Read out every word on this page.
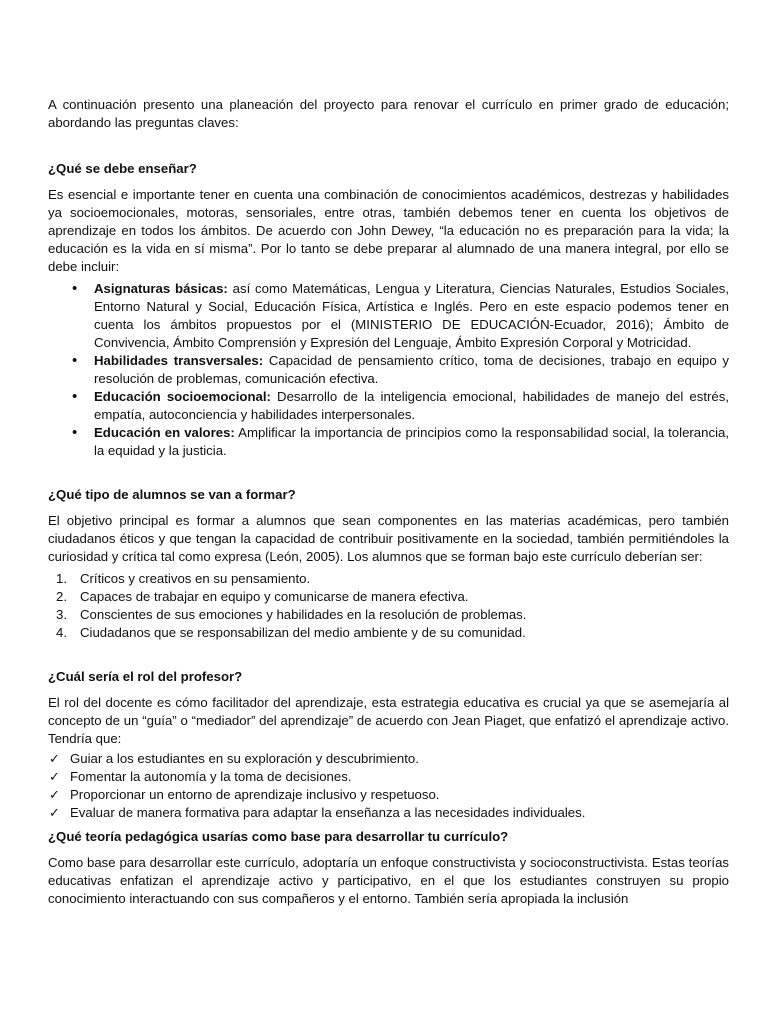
A continuación presento una planeación del proyecto para renovar el currículo en primer grado de educación; abordando las preguntas claves:

¿Qué se debe enseñar?

Es esencial e importante tener en cuenta una combinación de conocimientos académicos, destrezas y habilidades ya socioemocionales, motoras, sensoriales, entre otras, también debemos tener en cuenta los objetivos de aprendizaje en todos los ámbitos. De acuerdo con John Dewey, “la educación no es preparación para la vida; la educación es la vida en sí misma”. Por lo tanto se debe preparar al alumnado de una manera integral, por ello se debe incluir:

• Asignaturas básicas: así como Matemáticas, Lengua y Literatura, Ciencias Naturales, Estudios Sociales, Entorno Natural y Social, Educación Física, Artística e Inglés. Pero en este espacio podemos tener en cuenta los ámbitos propuestos por el (MINISTERIO DE EDUCACIÓN-Ecuador, 2016); Ámbito de Convivencia, Ámbito Comprensión y Expresión del Lenguaje, Ámbito Expresión Corporal y Motricidad.
• Habilidades transversales: Capacidad de pensamiento crítico, toma de decisiones, trabajo en equipo y resolución de problemas, comunicación efectiva.
• Educación socioemocional: Desarrollo de la inteligencia emocional, habilidades de manejo del estrés, empatía, autoconciencia y habilidades interpersonales.
• Educación en valores: Amplificar la importancia de principios como la responsabilidad social, la tolerancia, la equidad y la justicia.

¿Qué tipo de alumnos se van a formar?

El objetivo principal es formar a alumnos que sean componentes en las materias académicas, pero también ciudadanos éticos y que tengan la capacidad de contribuir positivamente en la sociedad, también permitiéndoles la curiosidad y crítica tal como expresa (León, 2005). Los alumnos que se forman bajo este currículo deberían ser:

1. Críticos y creativos en su pensamiento.
2. Capaces de trabajar en equipo y comunicarse de manera efectiva.
3. Conscientes de sus emociones y habilidades en la resolución de problemas.
4. Ciudadanos que se responsabilizan del medio ambiente y de su comunidad.

¿Cuál sería el rol del profesor?

El rol del docente es cómo facilitador del aprendizaje, esta estrategia educativa es crucial ya que se asemejaría al concepto de un “guía” o “mediador” del aprendizaje” de acuerdo con Jean Piaget, que enfatizó el aprendizaje activo. Tendría que:

✓ Guiar a los estudiantes en su exploración y descubrimiento.
✓ Fomentar la autonomía y la toma de decisiones.
✓ Proporcionar un entorno de aprendizaje inclusivo y respetuoso.
✓ Evaluar de manera formativa para adaptar la enseñanza a las necesidades individuales.

¿Qué teoría pedagógica usarías como base para desarrollar tu currículo?

Como base para desarrollar este currículo, adoptaría un enfoque constructivista y socioconstructivista. Estas teorías educativas enfatizan el aprendizaje activo y participativo, en el que los estudiantes construyen su propio conocimiento interactuando con sus compañeros y el entorno. También sería apropiada la inclusión
